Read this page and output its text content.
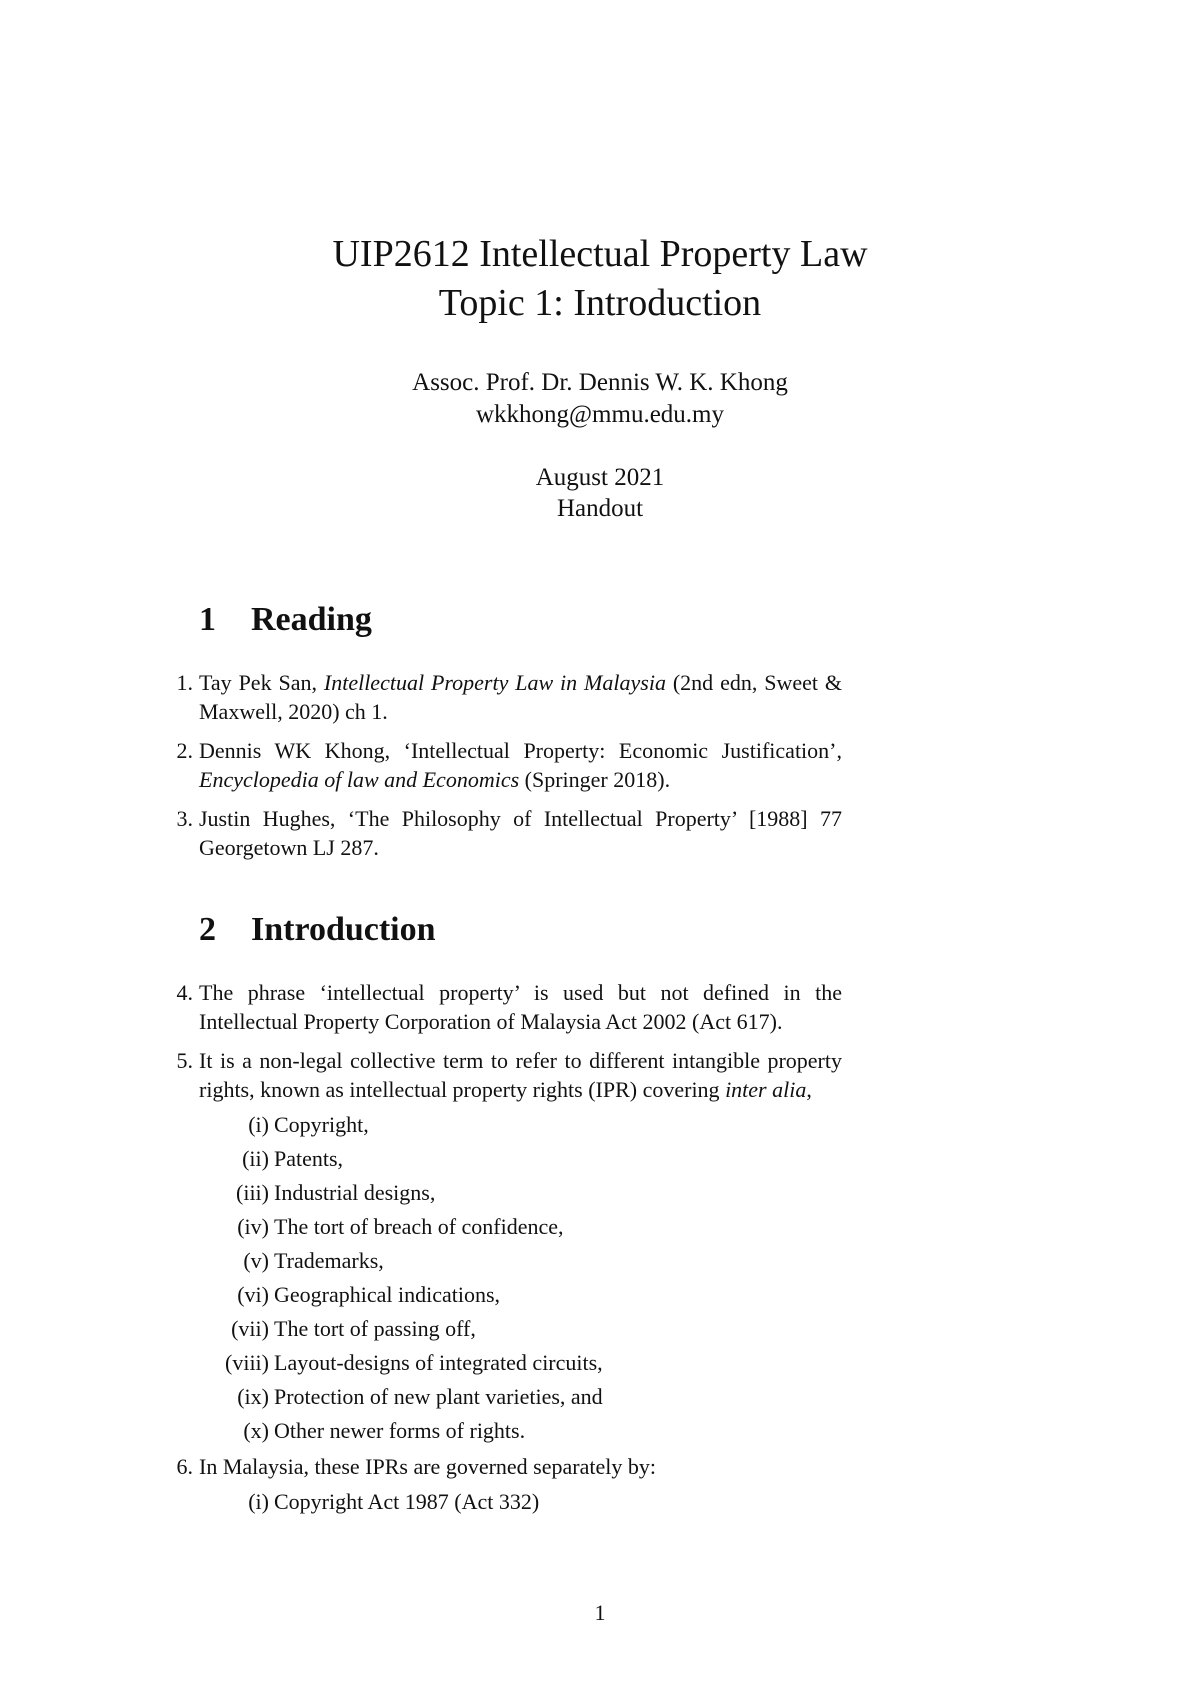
UIP2612 Intellectual Property Law
Topic 1: Introduction
Assoc. Prof. Dr. Dennis W. K. Khong
wkkhong@mmu.edu.my
August 2021
Handout
1 Reading
1. Tay Pek San, Intellectual Property Law in Malaysia (2nd edn, Sweet & Maxwell, 2020) ch 1.
2. Dennis WK Khong, ‘Intellectual Property: Economic Justification’, Encyclopedia of law and Economics (Springer 2018).
3. Justin Hughes, ‘The Philosophy of Intellectual Property’ [1988] 77 Georgetown LJ 287.
2 Introduction
4. The phrase ‘intellectual property’ is used but not defined in the Intellectual Property Corporation of Malaysia Act 2002 (Act 617).
5. It is a non-legal collective term to refer to different intangible property rights, known as intellectual property rights (IPR) covering inter alia,
(i) Copyright,
(ii) Patents,
(iii) Industrial designs,
(iv) The tort of breach of confidence,
(v) Trademarks,
(vi) Geographical indications,
(vii) The tort of passing off,
(viii) Layout-designs of integrated circuits,
(ix) Protection of new plant varieties, and
(x) Other newer forms of rights.
6. In Malaysia, these IPRs are governed separately by:
(i) Copyright Act 1987 (Act 332)
1
